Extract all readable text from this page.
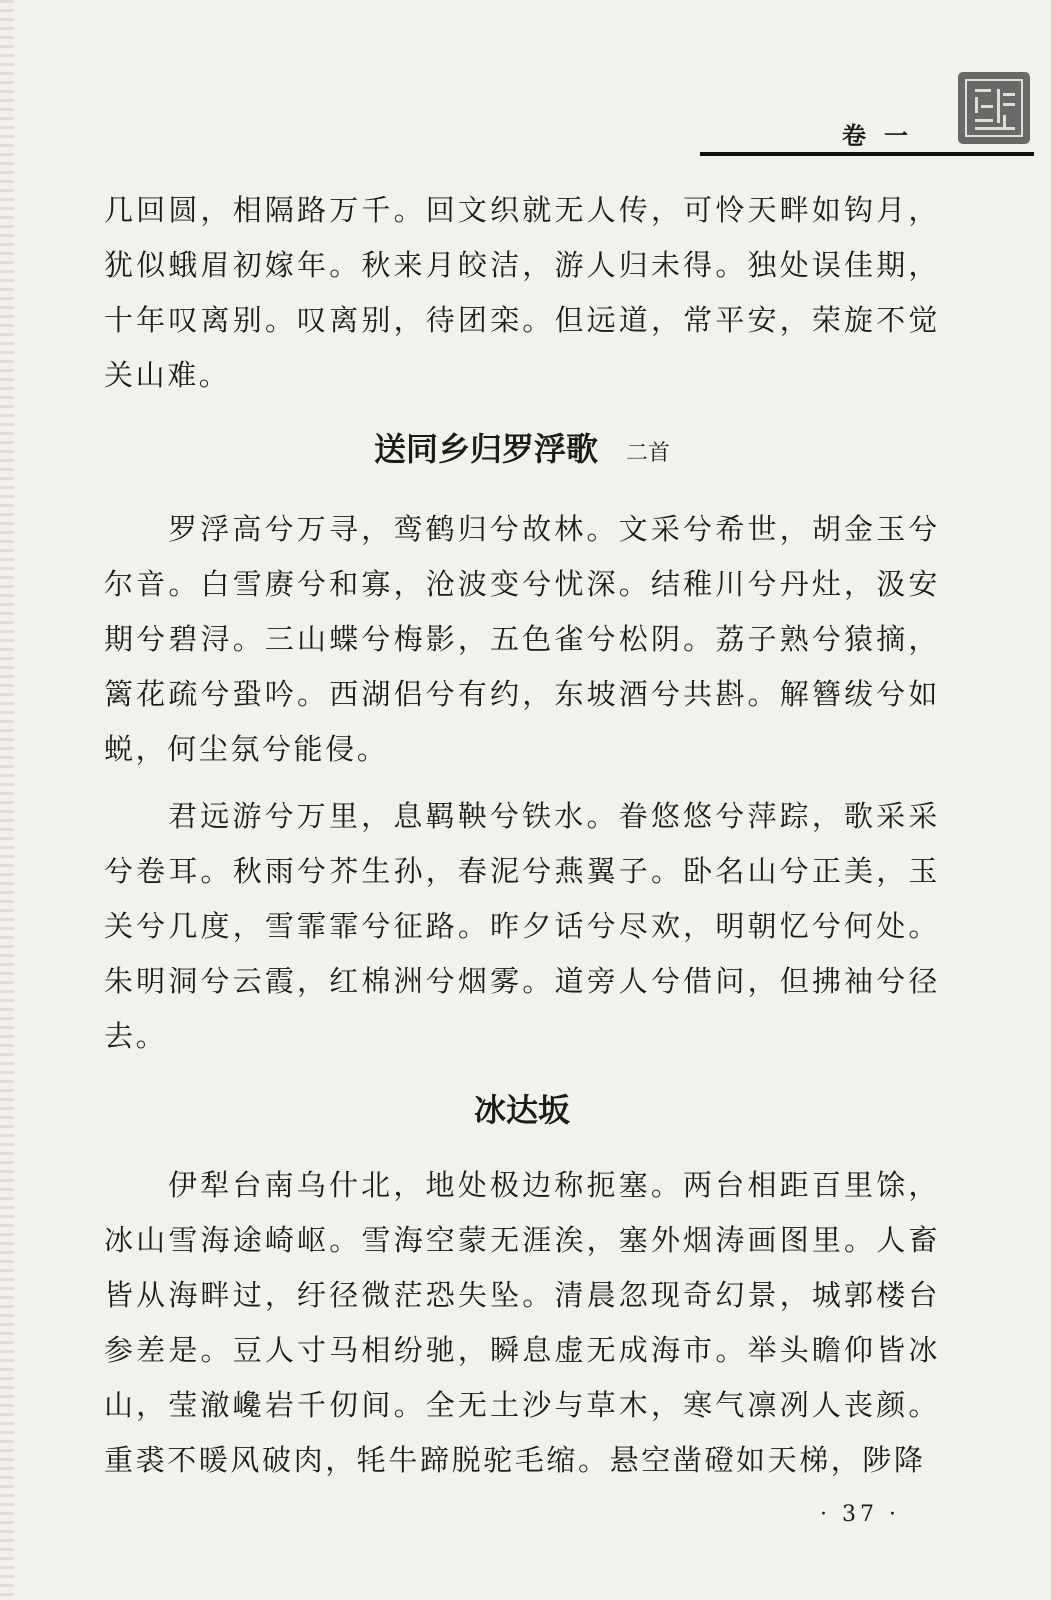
卷一

几回圆，相隔路万千。回文织就无人传，可怜天畔如钩月，犹似蛾眉初嫁年。秋来月皎洁，游人归未得。独处误佳期，十年叹离别。叹离别，待团栾。但远道，常平安，荣旋不觉关山难。

送同乡归罗浮歌 二首

罗浮高兮万寻，鸾鹤归兮故林。文采兮希世，胡金玉兮尔音。白雪赓兮和寡，沧波变兮忧深。结稚川兮丹灶，汲安期兮碧浔。三山蝶兮梅影，五色雀兮松阴。荔子熟兮猿摘，篱花疏兮蛩吟。西湖侣兮有约，东坡酒兮共斟。解簪绂兮如蜕，何尘氛兮能侵。

君远游兮万里，息羁鞅兮铁水。眷悠悠兮萍踪，歌采采兮卷耳。秋雨兮芥生孙，春泥兮燕翼子。卧名山兮正美，玉关兮几度，雪霏霏兮征路。昨夕话兮尽欢，明朝忆兮何处。朱明洞兮云霞，红棉洲兮烟雾。道旁人兮借问，但拂袖兮径去。

冰达坂

伊犁台南乌什北，地处极边称扼塞。两台相距百里馀，冰山雪海途崎岖。雪海空蒙无涯涘，塞外烟涛画图里。人畜皆从海畔过，纡径微茫恐失坠。清晨忽现奇幻景，城郭楼台参差是。豆人寸马相纷驰，瞬息虚无成海市。举头瞻仰皆冰山，莹澈巉岩千仞间。全无土沙与草木，寒气凛冽人丧颜。重裘不暖风破肉，牦牛蹄脱驼毛缩。悬空凿磴如天梯，陟降

· 37 ·
